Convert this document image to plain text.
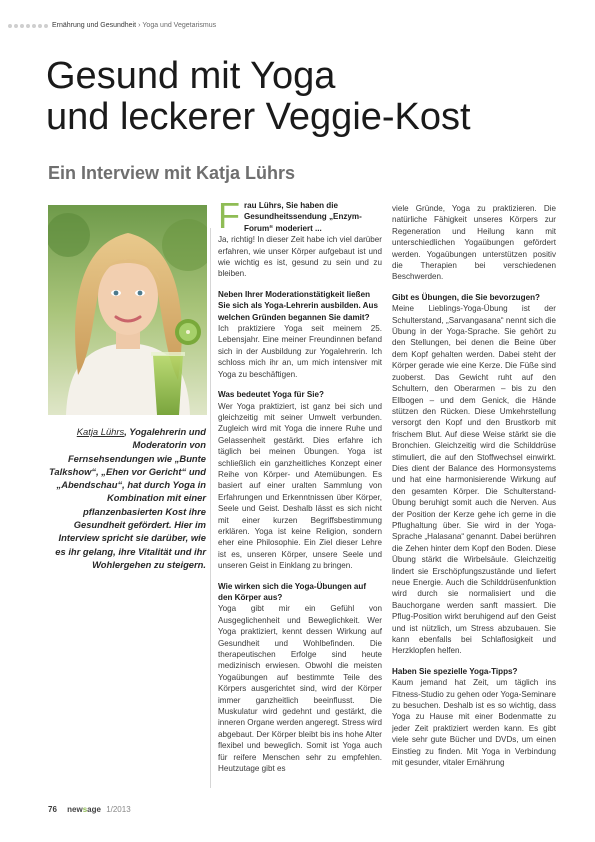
Ernährung und Gesundheit › Yoga und Vegetarismus
Gesund mit Yoga
und leckerer Veggie-Kost
Ein Interview mit Katja Lührs
Katja Lührs, Yogalehrerin und Moderatorin von Fernsehsendungen wie „Bunte Talkshow“, „Ehen vor Gericht“ und „Abendschau“, hat durch Yoga in Kombination mit einer pflanzenbasierten Kost ihre Gesundheit gefördert. Hier im Interview spricht sie darüber, wie es ihr gelang, ihre Vitalität und ihr Wohlergehen zu steigern.
F rau Lührs, Sie haben die Gesundheitssendung „Enzym-Forum“ moderiert ...

Ja, richtig! In dieser Zeit habe ich viel darüber erfahren, wie unser Körper aufgebaut ist und wie wichtig es ist, gesund zu sein und zu bleiben.

Neben Ihrer Moderationstätigkeit ließen Sie sich als Yoga-Lehrerin ausbilden. Aus welchen Gründen begannen Sie damit?

Ich praktiziere Yoga seit meinem 25. Lebensjahr. Eine meiner Freundinnen befand sich in der Ausbildung zur Yogalehrerin. Ich schloss mich ihr an, um mich intensiver mit Yoga zu beschäftigen.

Was bedeutet Yoga für Sie?

Wer Yoga praktiziert, ist ganz bei sich und gleichzeitig mit seiner Umwelt verbunden. Zugleich wird mit Yoga die innere Ruhe und Gelassenheit gestärkt. Dies erfahre ich täglich bei meinen Übungen. Yoga ist schließlich ein ganzheitliches Konzept einer Reihe von Körper- und Atemübungen. Es basiert auf einer uralten Sammlung von Erfahrungen und Erkenntnissen über Körper, Seele und Geist. Deshalb lässt es sich nicht mit einer kurzen Begriffsbestimmung erklären. Yoga ist keine Religion, sondern eher eine Philosophie. Ein Ziel dieser Lehre ist es, unseren Körper, unsere Seele und unseren Geist in Einklang zu bringen.

Wie wirken sich die Yoga-Übungen auf den Körper aus?

Yoga gibt mir ein Gefühl von Ausgeglichenheit und Beweglichkeit. Wer Yoga praktiziert, kennt dessen Wirkung auf Gesundheit und Wohlbefinden. Die therapeutischen Erfolge sind heute medizinisch erwiesen. Obwohl die meisten Yogaübungen auf bestimmte Teile des Körpers ausgerichtet sind, wird der Körper immer ganzheitlich beeinflusst. Die Muskulatur wird gedehnt und gestärkt, die inneren Organe werden angeregt. Stress wird abgebaut. Der Körper bleibt bis ins hohe Alter flexibel und beweglich. Somit ist Yoga auch für reifere Menschen sehr zu empfehlen. Heutzutage gibt es

viele Gründe, Yoga zu praktizieren. Die natürliche Fähigkeit unseres Körpers zur Regeneration und Heilung kann mit unterschiedlichen Yogaübungen gefördert werden. Yogaübungen unterstützen positiv die Therapien bei verschiedenen Beschwerden.

Gibt es Übungen, die Sie bevorzugen?

Meine Lieblings-Yoga-Übung ist der Schulterstand, „Sarvangasana“ nennt sich die Übung in der Yoga-Sprache. Sie gehört zu den Stellungen, bei denen die Beine über dem Kopf gehalten werden. Dabei steht der Körper gerade wie eine Kerze. Die Füße sind zuoberst. Das Gewicht ruht auf den Schultern, den Oberarmen – bis zu den Ellbogen – und dem Genick, die Hände stützen den Rücken. Diese Umkehrstellung versorgt den Kopf und den Brustkorb mit frischem Blut. Auf diese Weise stärkt sie die Bronchien. Gleichzeitig wird die Schilddrüse stimuliert, die auf den Stoffwechsel einwirkt. Dies dient der Balance des Hormonsystems und hat eine harmonisierende Wirkung auf den gesamten Körper. Die Schulterstand-Übung beruhigt somit auch die Nerven. Aus der Position der Kerze gehe ich gerne in die Pflughaltung über. Sie wird in der Yoga-Sprache „Halasana“ genannt. Dabei berühren die Zehen hinter dem Kopf den Boden. Diese Übung stärkt die Wirbelsäule. Gleichzeitig lindert sie Erschöpfungszustände und liefert neue Energie. Auch die Schilddrüsenfunktion wird durch sie normalisiert und die Bauchorgane werden sanft massiert. Die Pflug-Position wirkt beruhigend auf den Geist und ist nützlich, um Stress abzubauen. Sie kann ebenfalls bei Schlaflosigkeit und Herzklopfen helfen.

Haben Sie spezielle Yoga-Tipps?

Kaum jemand hat Zeit, um täglich ins Fitness-Studio zu gehen oder Yoga-Seminare zu besuchen. Deshalb ist es so wichtig, dass Yoga zu Hause mit einer Bodenmatte zu jeder Zeit praktiziert werden kann. Es gibt viele sehr gute Bücher und DVDs, um einen Einstieg zu finden. Mit Yoga in Verbindung mit gesunder, vitaler Ernährung

76 newsage 1/2013
